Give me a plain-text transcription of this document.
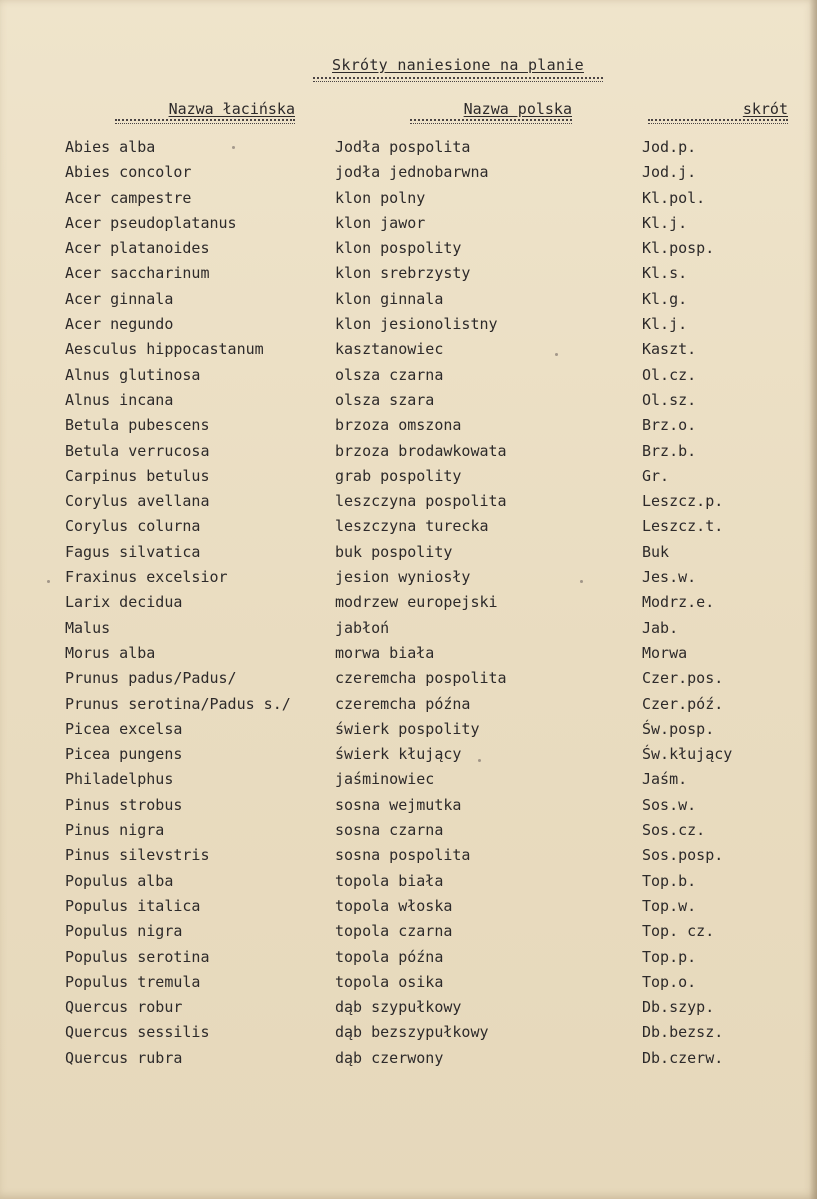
Skróty naniesione na planie
Nazwa łacińska	Nazwa polska	skrót
Abies alba	Jodła pospolita	Jod.p.
Abies concolor	jodła jednobarwna	Jod.j.
Acer campestre	klon polny	Kl.pol.
Acer pseudoplatanus	klon jawor	Kl.j.
Acer platanoides	klon pospolity	Kl.posp.
Acer saccharinum	klon srebrzysty	Kl.s.
Acer ginnala	klon ginnala	Kl.g.
Acer negundo	klon jesionolistny	Kl.j.
Aesculus hippocastanum	kasztanowiec	Kaszt.
Alnus glutinosa	olsza czarna	Ol.cz.
Alnus incana	olsza szara	Ol.sz.
Betula pubescens	brzoza omszona	Brz.o.
Betula verrucosa	brzoza brodawkowata	Brz.b.
Carpinus betulus	grab pospolity	Gr.
Corylus avellana	leszczyna pospolita	Leszcz.p.
Corylus colurna	leszczyna turecka	Leszcz.t.
Fagus silvatica	buk pospolity	Buk
Fraxinus excelsior	jesion wyniosły	Jes.w.
Larix decidua	modrzew europejski	Modrz.e.
Malus	jabłoń	Jab.
Morus alba	morwa biała	Morwa
Prunus padus/Padus/	czeremcha pospolita	Czer.pos.
Prunus serotina/Padus s./	czeremcha późna	Czer.póź.
Picea excelsa	świerk pospolity	Św.posp.
Picea pungens	świerk kłujący	Św.kłujący
Philadelphus	jaśminowiec	Jaśm.
Pinus strobus	sosna wejmutka	Sos.w.
Pinus nigra	sosna czarna	Sos.cz.
Pinus silevstris	sosna pospolita	Sos.posp.
Populus alba	topola biała	Top.b.
Populus italica	topola włoska	Top.w.
Populus nigra	topola czarna	Top. cz.
Populus serotina	topola późna	Top.p.
Populus tremula	topola osika	Top.o.
Quercus robur	dąb szypułkowy	Db.szyp.
Quercus sessilis	dąb bezszypułkowy	Db.bezsz.
Quercus rubra	dąb czerwony	Db.czerw.
